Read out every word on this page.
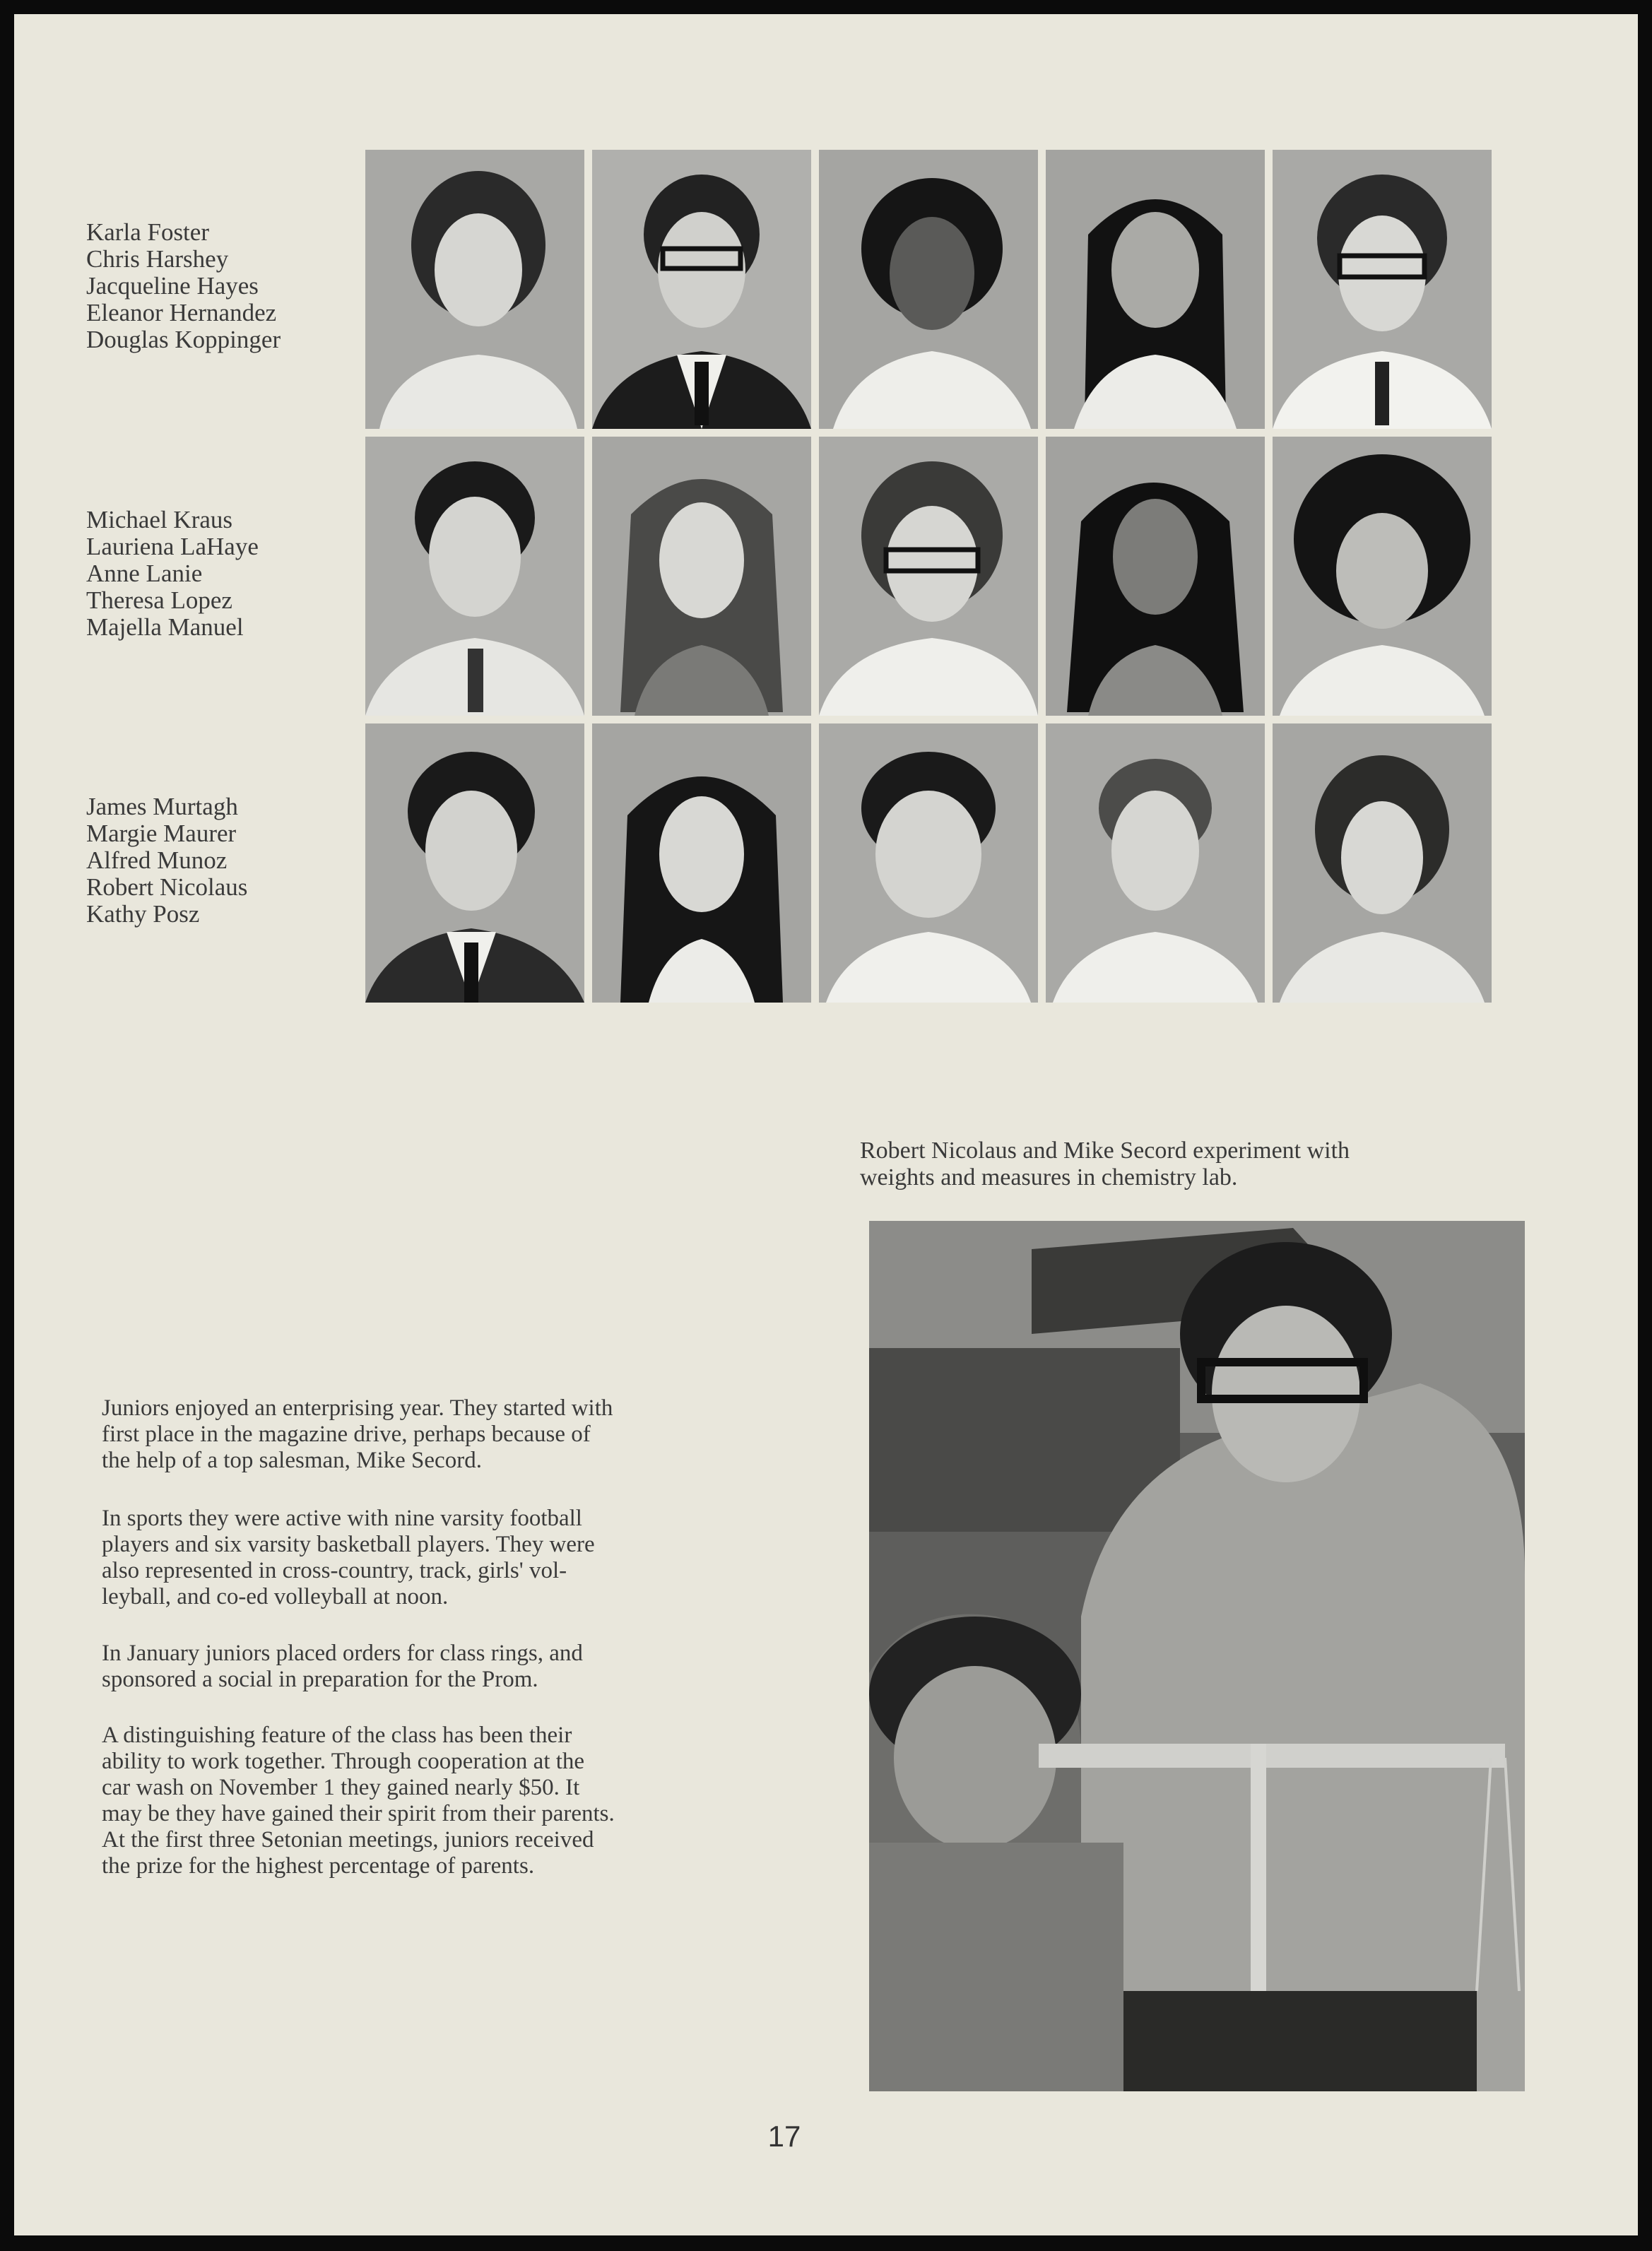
Karla Foster
Chris Harshey
Jacqueline Hayes
Eleanor Hernandez
Douglas Koppinger
Michael Kraus
Lauriena LaHaye
Anne Lanie
Theresa Lopez
Majella Manuel
James Murtagh
Margie Maurer
Alfred Munoz
Robert Nicolaus
Kathy Posz
Robert Nicolaus and Mike Secord experiment with
weights and measures in chemistry lab.
Juniors enjoyed an enterprising year. They started with
first place in the magazine drive, perhaps because of
the help of a top salesman, Mike Secord.
In sports they were active with nine varsity football
players and six varsity basketball players. They were
also represented in cross-country, track, girls' vol-
leyball, and co-ed volleyball at noon.
In January juniors placed orders for class rings, and
sponsored a social in preparation for the Prom.
A distinguishing feature of the class has been their
ability to work together. Through cooperation at the
car wash on November 1 they gained nearly $50. It
may be they have gained their spirit from their parents.
At the first three Setonian meetings, juniors received
the prize for the highest percentage of parents.
17
